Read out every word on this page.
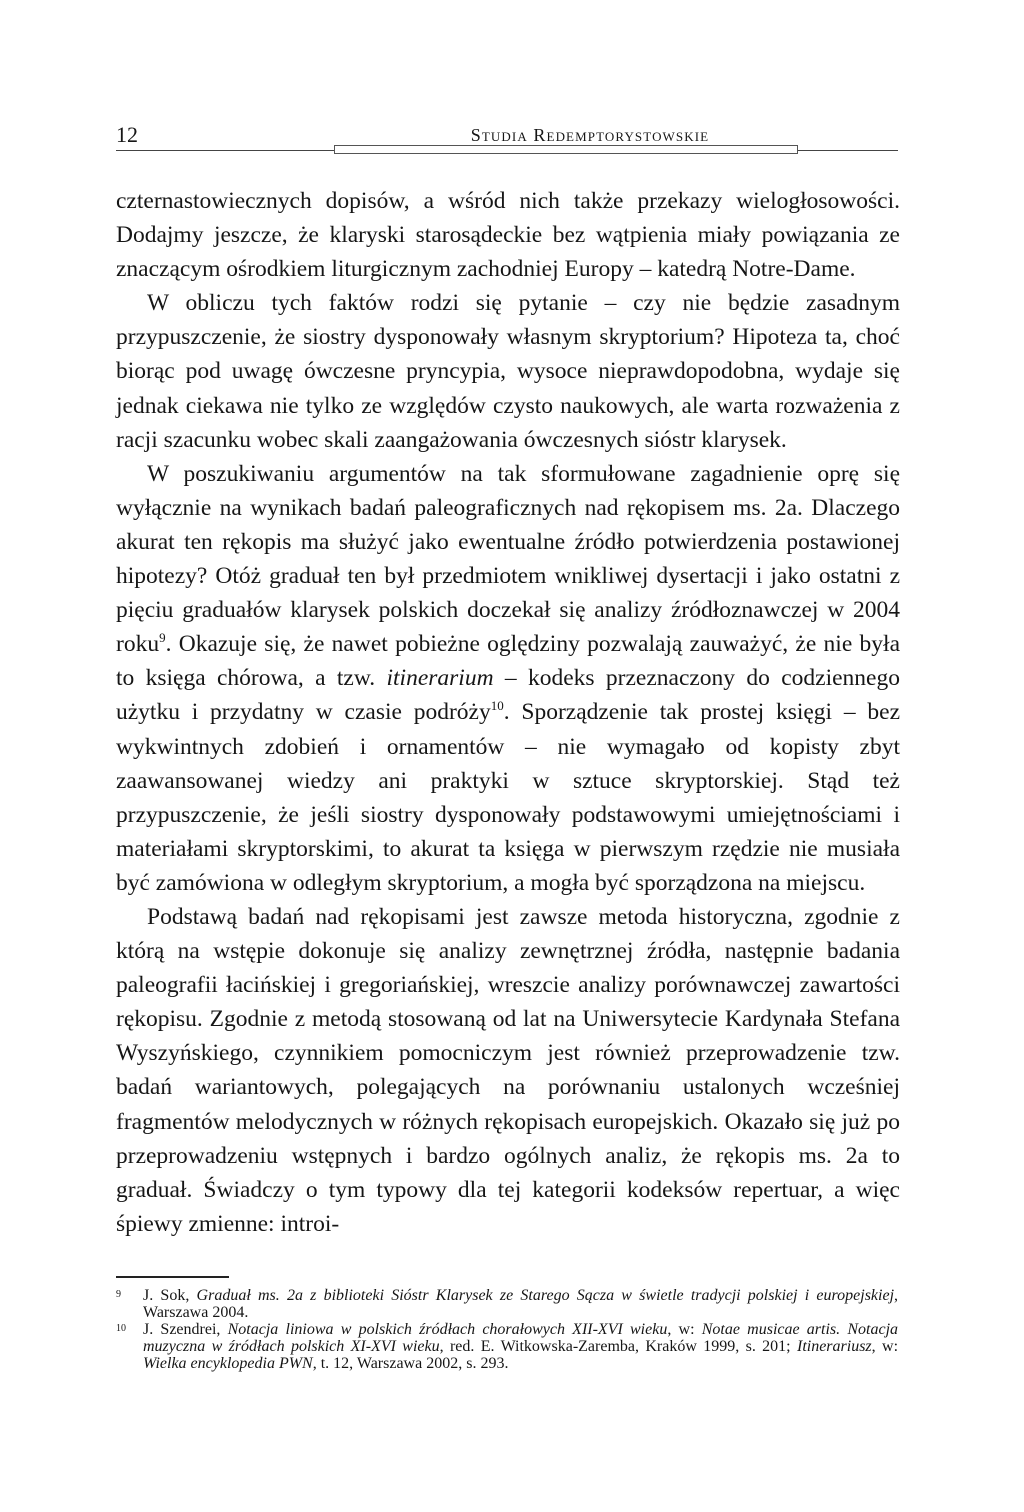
12	Studia Redemptorystowskie

czternastowiecznych dopisów, a wśród nich także przekazy wielogłosowości. Dodajmy jeszcze, że klaryski starosądeckie bez wątpienia miały powiązania ze znaczącym ośrodkiem liturgicznym zachodniej Europy – katedrą Notre-Dame.

W obliczu tych faktów rodzi się pytanie – czy nie będzie zasadnym przypuszczenie, że siostry dysponowały własnym skryptorium? Hipoteza ta, choć biorąc pod uwagę ówczesne pryncypia, wysoce nieprawdopodobna, wydaje się jednak ciekawa nie tylko ze względów czysto naukowych, ale warta rozważenia z racji szacunku wobec skali zaangażowania ówczesnych sióstr klarysek.

W poszukiwaniu argumentów na tak sformułowane zagadnienie oprę się wyłącznie na wynikach badań paleograficznych nad rękopisem ms. 2a. Dlaczego akurat ten rękopis ma służyć jako ewentualne źródło potwierdzenia postawionej hipotezy? Otóż graduał ten był przedmiotem wnikliwej dysertacji i jako ostatni z pięciu graduałów klarysek polskich doczekał się analizy źródłoznawczej w 2004 roku$^9$. Okazuje się, że nawet pobieżne oględziny pozwalają zauważyć, że nie była to księga chórowa, a tzw. itinerarium – kodeks przeznaczony do codziennego użytku i przydatny w czasie podróży$^{10}$. Sporządzenie tak prostej księgi – bez wykwintnych zdobień i ornamentów – nie wymagało od kopisty zbyt zaawansowanej wiedzy ani praktyki w sztuce skryptorskiej. Stąd też przypuszczenie, że jeśli siostry dysponowały podstawowymi umiejętnościami i materiałami skryptorskimi, to akurat ta księga w pierwszym rzędzie nie musiała być zamówiona w odległym skryptorium, a mogła być sporządzona na miejscu.

Podstawą badań nad rękopisami jest zawsze metoda historyczna, zgodnie z którą na wstępie dokonuje się analizy zewnętrznej źródła, następnie badania paleografii łacińskiej i gregoriańskiej, wreszcie analizy porównawczej zawartości rękopisu. Zgodnie z metodą stosowaną od lat na Uniwersytecie Kardynała Stefana Wyszyńskiego, czynnikiem pomocniczym jest również przeprowadzenie tzw. badań wariantowych, polegających na porównaniu ustalonych wcześniej fragmentów melodycznych w różnych rękopisach europejskich. Okazało się już po przeprowadzeniu wstępnych i bardzo ogólnych analiz, że rękopis ms. 2a to graduał. Świadczy o tym typowy dla tej kategorii kodeksów repertuar, a więc śpiewy zmienne: introi-

9 J. Sok, Graduał ms. 2a z biblioteki Sióstr Klarysek ze Starego Sącza w świetle tradycji polskiej i europejskiej, Warszawa 2004.
10 J. Szendrei, Notacja liniowa w polskich źródłach chorałowych XII-XVI wieku, w: Notae musicae artis. Notacja muzyczna w źródłach polskich XI-XVI wieku, red. E. Witkowska-Zaremba, Kraków 1999, s. 201; Itinerariusz, w: Wielka encyklopedia PWN, t. 12, Warszawa 2002, s. 293.
